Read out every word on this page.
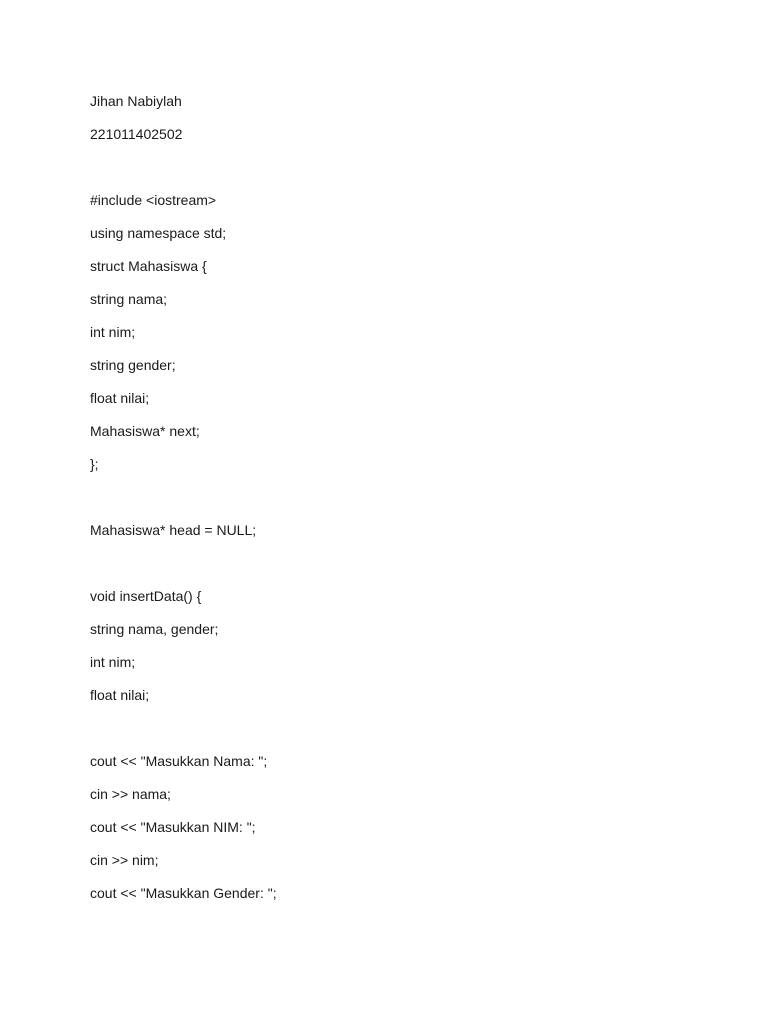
Jihan Nabiylah
221011402502
#include <iostream>
using namespace std;
struct Mahasiswa {
string nama;
int nim;
string gender;
float nilai;
Mahasiswa* next;
};
Mahasiswa* head = NULL;
void insertData() {
string nama, gender;
int nim;
float nilai;
cout << "Masukkan Nama: ";
cin >> nama;
cout << "Masukkan NIM: ";
cin >> nim;
cout << "Masukkan Gender: ";
